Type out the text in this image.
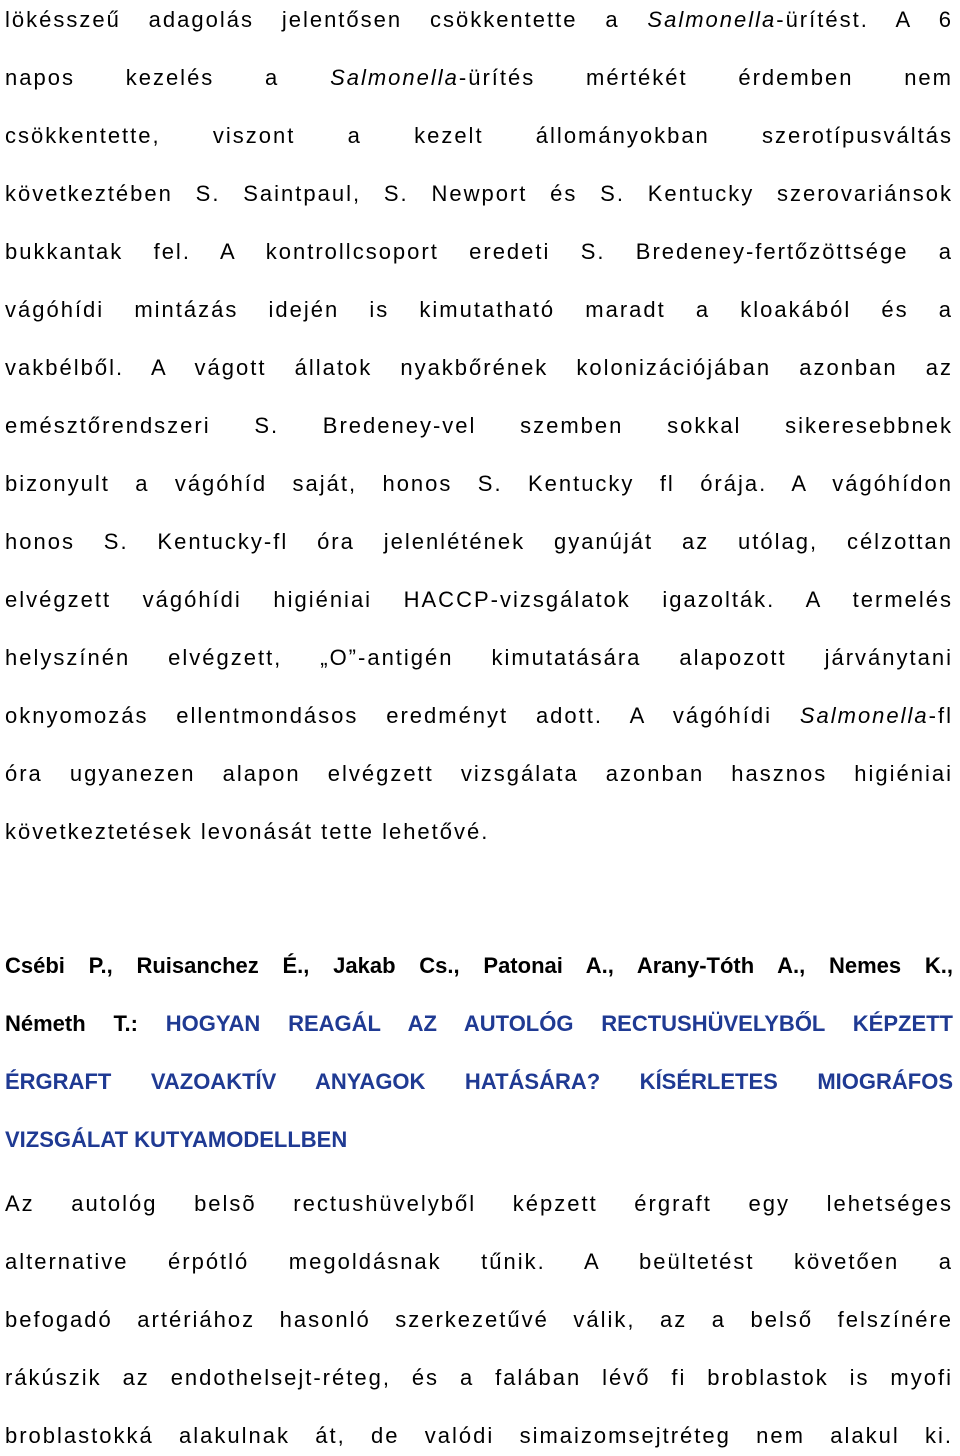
lökésszeű adagolás jelentősen csökkentette a Salmonella-ürítést. A 6
napos kezelés a Salmonella-ürítés mértékét érdemben nem
csökkentette, viszont a kezelt állományokban szerotípusváltás
következtében S. Saintpaul, S. Newport és S. Kentucky szerovariánsok
bukkantak fel. A kontrollcsoport eredeti S. Bredeney-fertőzöttsége a
vágóhídi mintázás idején is kimutatható maradt a kloakából és a
vakbélből. A vágott állatok nyakbőrének kolonizációjában azonban az
emésztőrendszeri S. Bredeney-vel szemben sokkal sikeresebbnek
bizonyult a vágóhíd saját, honos S. Kentucky fl órája. A vágóhídon
honos S. Kentucky-fl óra jelenlétének gyanúját az utólag, célzottan
elvégzett vágóhídi higiéniai HACCP-vizsgálatok igazolták. A termelés
helyszínén elvégzett, „O”-antigén kimutatására alapozott járványtani
oknyomozás ellentmondásos eredményt adott. A vágóhídi Salmonella-fl
óra ugyanezen alapon elvégzett vizsgálata azonban hasznos higiéniai
következtetések levonását tette lehetővé.
Csébi P., Ruisanchez É., Jakab Cs., Patonai A., Arany-Tóth A., Nemes K.,
Németh T.: HOGYAN REAGÁL AZ AUTOLÓG RECTUSHÜVELYBŐL KÉPZETT
ÉRGRAFT VAZOAKTÍV ANYAGOK HATÁSÁRA? KÍSÉRLETES MIOGRÁFOS
VIZSGÁLAT KUTYAMODELLBEN
Az autológ belsõ rectushüvelyből képzett érgraft egy lehetséges
alternative érpótló megoldásnak tűnik. A beültetést követően a
befogadó artériához hasonló szerkezetűvé válik, az a belső felszínére
rákúszik az endothelsejt-réteg, és a falában lévő fi broblastok is myofi
broblastokká alakulnak át, de valódi simaizomsejtréteg nem alakul ki.
